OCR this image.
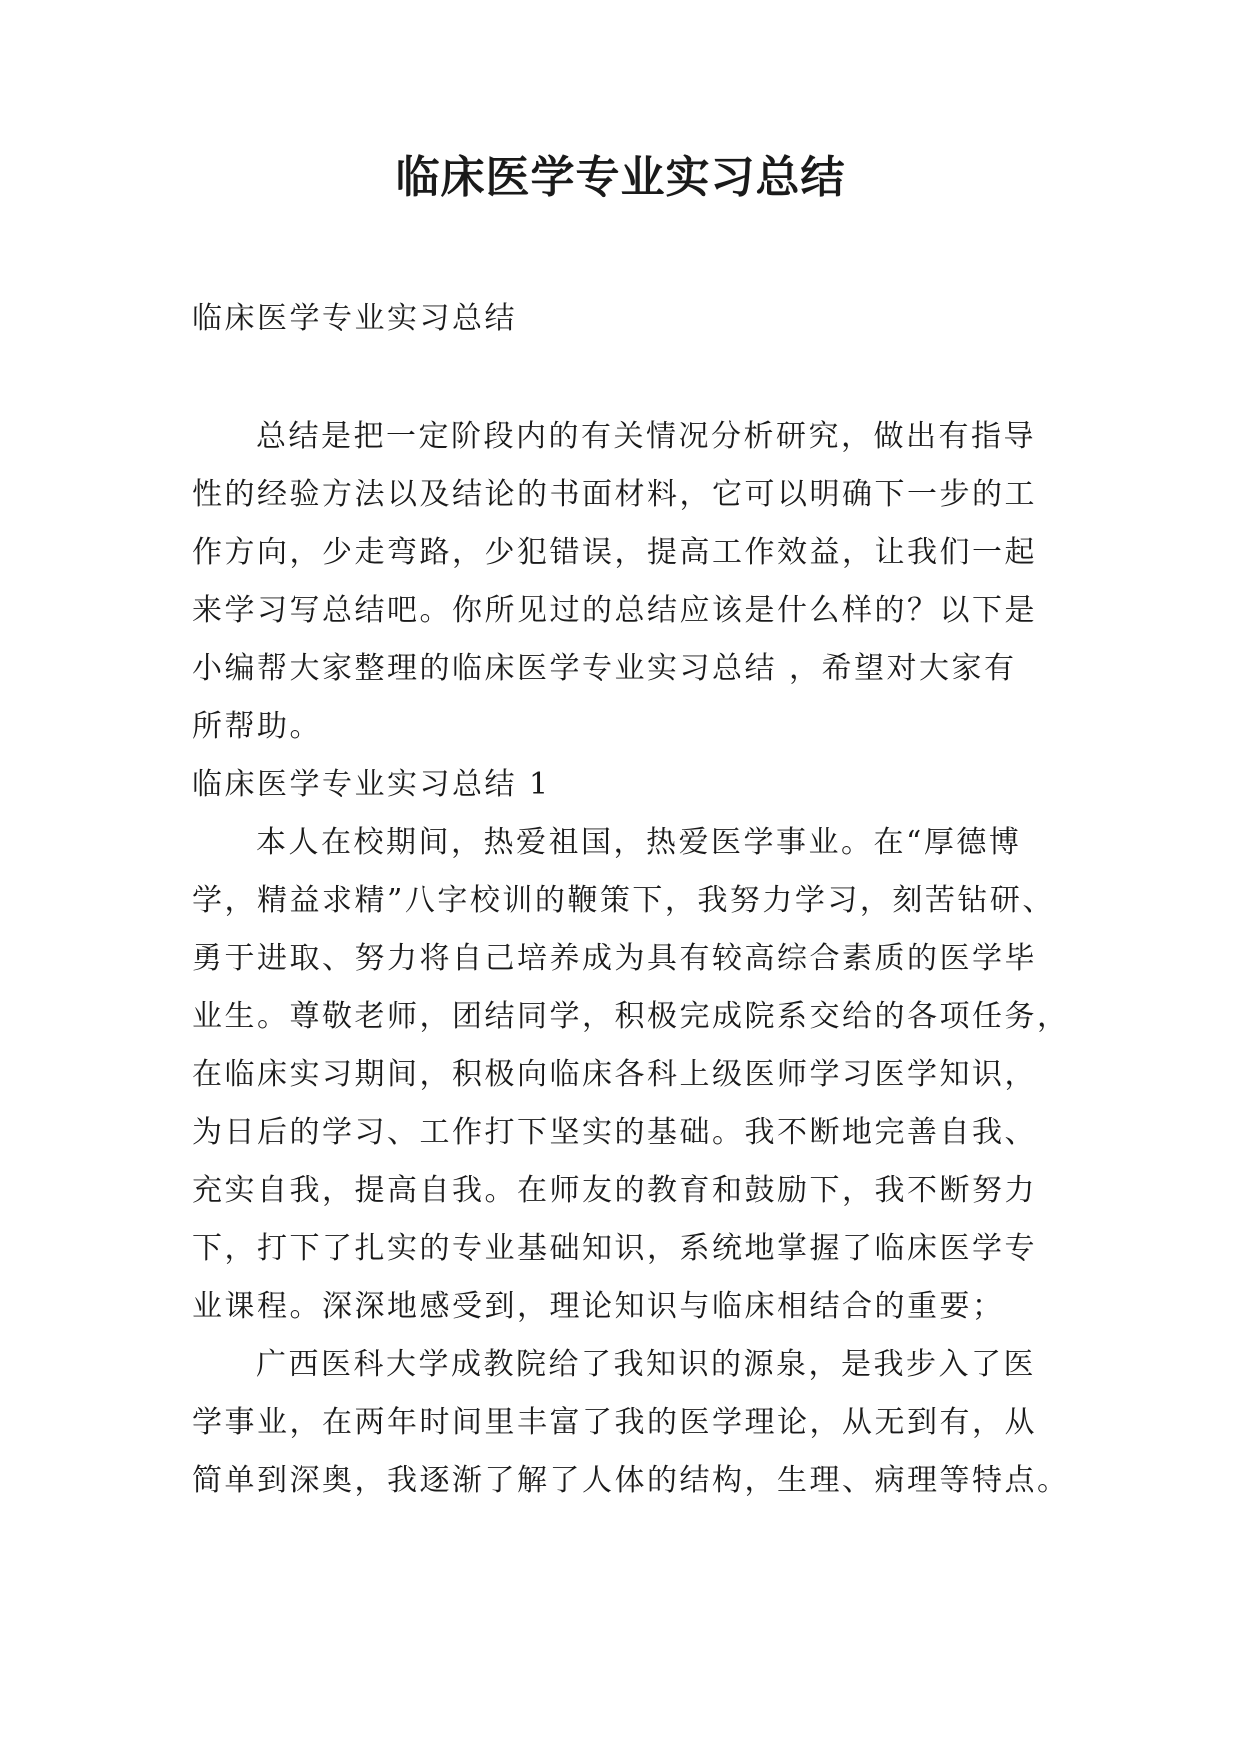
临床医学专业实习总结

临床医学专业实习总结

总结是把一定阶段内的有关情况分析研究，做出有指导

性的经验方法以及结论的书面材料，它可以明确下一步的工

作方向，少走弯路，少犯错误，提高工作效益，让我们一起

来学习写总结吧。你所见过的总结应该是什么样的？以下是

小编帮大家整理的临床医学专业实习总结 ，希望对大家有

所帮助。

临床医学专业实习总结 1

本人在校期间，热爱祖国，热爱医学事业。在“厚德博

学，精益求精”八字校训的鞭策下，我努力学习，刻苦钻研、

勇于进取、努力将自己培养成为具有较高综合素质的医学毕

业生。尊敬老师，团结同学，积极完成院系交给的各项任务，

在临床实习期间，积极向临床各科上级医师学习医学知识，

为日后的学习、工作打下坚实的基础。我不断地完善自我、

充实自我，提高自我。在师友的教育和鼓励下，我不断努力

下，打下了扎实的专业基础知识，系统地掌握了临床医学专

业课程。深深地感受到，理论知识与临床相结合的重要；

广西医科大学成教院给了我知识的源泉，是我步入了医

学事业，在两年时间里丰富了我的医学理论，从无到有，从

简单到深奥，我逐渐了解了人体的结构，生理、病理等特点。
